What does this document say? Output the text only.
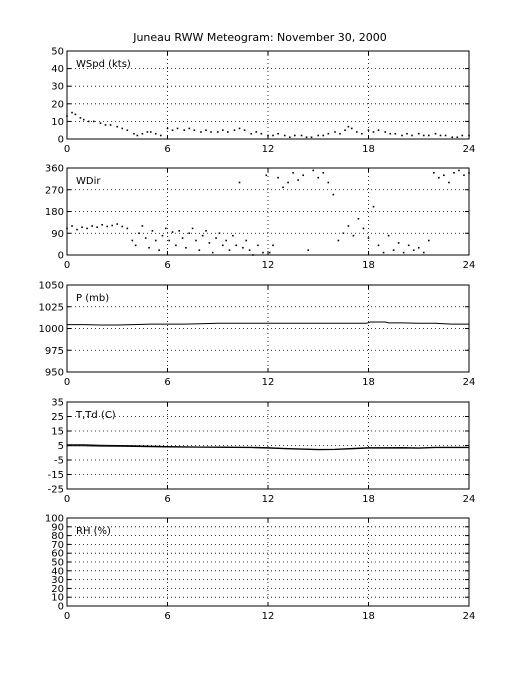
Juneau RWW Meteogram: November 30, 2000
0	6	12	18	24
0
10
20
30
40
50
WSpd (kts)
0	6	12	18	24
0
90
180
270
360
WDir
0	6	12	18	24
950
975
1000
1025
1050
P (mb)
0	6	12	18	24
-25
-15
-5
5
15
25
35
T,Td (C)
0	6	12	18	24
0
10
20
30
40
50
60
70
80
90
100
RH (%)
